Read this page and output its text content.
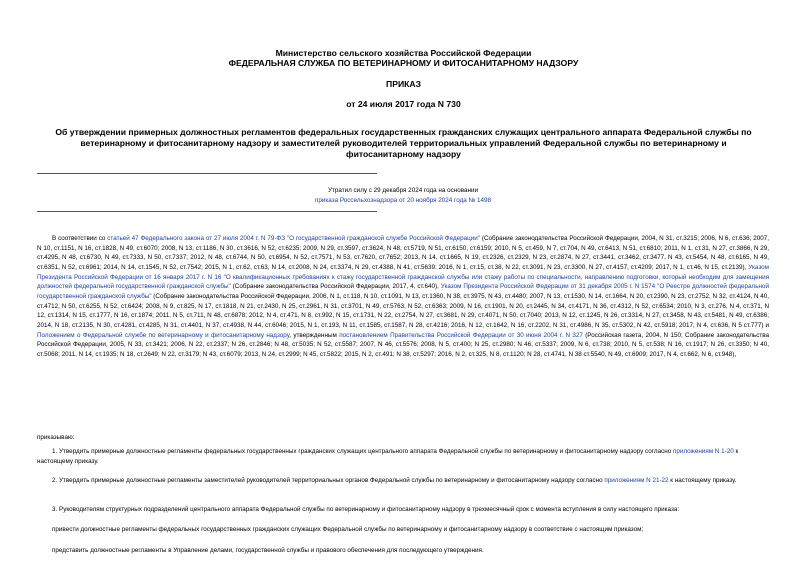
Министерство сельского хозяйства Российской Федерации
ФЕДЕРАЛЬНАЯ СЛУЖБА ПО ВЕТЕРИНАРНОМУ И ФИТОСАНИТАРНОМУ НАДЗОРУ
ПРИКАЗ
от 24 июля 2017 года N 730
Об утверждении примерных должностных регламентов федеральных государственных гражданских служащих центрального аппарата Федеральной службы по
ветеринарному и фитосанитарному надзору и заместителей руководителей территориальных управлений Федеральной службы по ветеринарному и
фитосанитарному надзору
Утратил силу с 29 декабря 2024 года на основании
приказа Россельхознадзора от 20 ноября 2024 года № 1498

В соответствии со статьей 47 Федерального закона от 27 июля 2004 г. N 79-ФЗ "О государственной гражданской службе Российской Федерации" (Собрание законодательства Российской Федерации, 2004, N 31, ст.3215; 2006, N 6, ст.636; 2007, N 10, ст.1151, N 16, ст.1828, N 49, ст.6070; 2008, N 13, ст.1186, N 30, ст.3616, N 52, ст.6235; 2009, N 29, ст.3597, ст.3624, N 48, ст.5719, N 51, ст.6150, ст.6159; 2010, N 5, ст.459, N 7, ст.704, N 49, ст.6413, N 51, ст.6810; 2011, N 1, ст.31, N 27, ст.3866, N 29, ст.4295, N 48, ст.6730, N 49, ст.7333, N 50, ст.7337; 2012, N 48, ст.6744, N 50, ст.6954, N 52, ст.7571, N 53, ст.7620, ст.7652; 2013, N 14, ст.1665, N 19, ст.2326, ст.2329, N 23, ст.2874, N 27, ст.3441, ст.3462, ст.3477, N 43, ст.5454, N 48, ст.6165, N 49, ст.6351, N 52, ст.6961; 2014, N 14, ст.1545, N 52, ст.7542; 2015, N 1, ст.62, ст.63, N 14, ст.2008, N 24, ст.3374, N 29, ст.4388, N 41, ст.5639; 2016, N 1, ст.15, ст.38, N 22, ст.3091, N 23, ст.3300, N 27, ст.4157, ст.4209; 2017, N 1, ст.46, N 15, ст.2139), Указом Президента Российской Федерации от 16 января 2017 г. N 16 "О квалификационных требованиях к стажу государственной гражданской службы или стажу работы по специальности, направлению подготовки, который необходим для замещения должностей федеральной государственной гражданской службы" (Собрание законодательства Российской Федерации, 2017, 4, ст.640), Указом Президента Российской Федерации от 31 декабря 2005 г. N 1574 "О Реестре должностей федеральной государственной гражданской службы" (Собрание законодательства Российской Федерации, 2006, N 1, ст.118, N 10, ст.1091, N 13, ст.1360, N 38, ст.3975, N 43, ст.4480; 2007, N 13, ст.1530, N 14, ст.1664, N 20, ст.2390, N 23, ст.2752, N 32, ст.4124, N 40, ст.4712, N 50, ст.6255, N 52, ст.6424; 2008, N 9, ст.825, N 17, ст.1818, N 21, ст.2430, N 25, ст.2961, N 31, ст.3701, N 49, ст.5763, N 52, ст.6363; 2009, N 16, ст.1901, N 20, ст.2445, N 34, ст.4171, N 36, ст.4312, N 52, ст.6534; 2010, N 3, ст.276, N 4, ст.371, N 12, ст.1314, N 15, ст.1777, N 16, ст.1874; 2011, N 5, ст.711, N 48, ст.6878; 2012, N 4, ст.471, N 8, ст.992, N 15, ст.1731, N 22, ст.2754, N 27, ст.3681, N 29, ст.4071, N 50, ст.7040; 2013, N 12, ст.1245, N 26, ст.3314, N 27, ст.3458, N 43, ст.5481, N 49, ст.6386; 2014, N 18, ст.2135, N 30, ст.4281, ст.4285, N 31, ст.4401, N 37, ст.4938, N 44, ст.6046; 2015, N 1, ст.193, N 11, ст.1585, ст.1587, N 28, ст.4216; 2016, N 12, ст.1642, N 16, ст.2202, N 31, ст.4986, N 35, ст.5302, N 42, ст.5918; 2017, N 4, ст.636, N 5 ст.777) и Положением о Федеральной службе по ветеринарному и фитосанитарному надзору, утвержденным постановлением Правительства Российской Федерации от 30 июня 2004 г. N 327 (Российская газета, 2004, N 150; Собрание законодательства Российской Федерации, 2005, N 33, ст.3421; 2006, N 22, ст.2337; N 26, ст.2846; N 48, ст.5035; N 52, ст.5587; 2007, N 46, ст.5576; 2008, N 5, ст.400; N 25, ст.2980; N 46, ст.5337; 2009, N 6, ст.738; 2010, N 5, ст.538; N 16, ст.1917; N 26, ст.3350; N 40, ст.5068; 2011, N 14, ст.1935; N 18, ст.2649; N 22, ст.3179; N 43, ст.6079; 2013, N 24, ст.2999; N 45, ст.5822; 2015, N 2, ст.491; N 38, ст.5297; 2016, N 2, ст.325, N 8, ст.1120; N 28, ст.4741, N 38 ст.5540, N 49, ст.6909; 2017, N 4, ст.662, N 6, ст.948),

приказываю:
1. Утвердить примерные должностные регламенты федеральных государственных гражданских служащих центрального аппарата Федеральной службы по ветеринарному и фитосанитарному надзору согласно приложениям N 1-20 к настоящему приказу.
2. Утвердить примерные должностные регламенты заместителей руководителей территориальных органов Федеральной службы по ветеринарному и фитосанитарному надзору согласно приложениям N 21-22 к настоящему приказу.
3. Руководителям структурных подразделений центрального аппарата Федеральной службы по ветеринарному и фитосанитарному надзору в трехмесячный срок с момента вступления в силу настоящего приказа:
привести должностные регламенты федеральных государственных гражданских служащих Федеральной службы по ветеринарному и фитосанитарному надзору в соответствие с настоящим приказом;
представить должностные регламенты в Управление делами, государственной службы и правового обеспечения для последующего утверждения.
